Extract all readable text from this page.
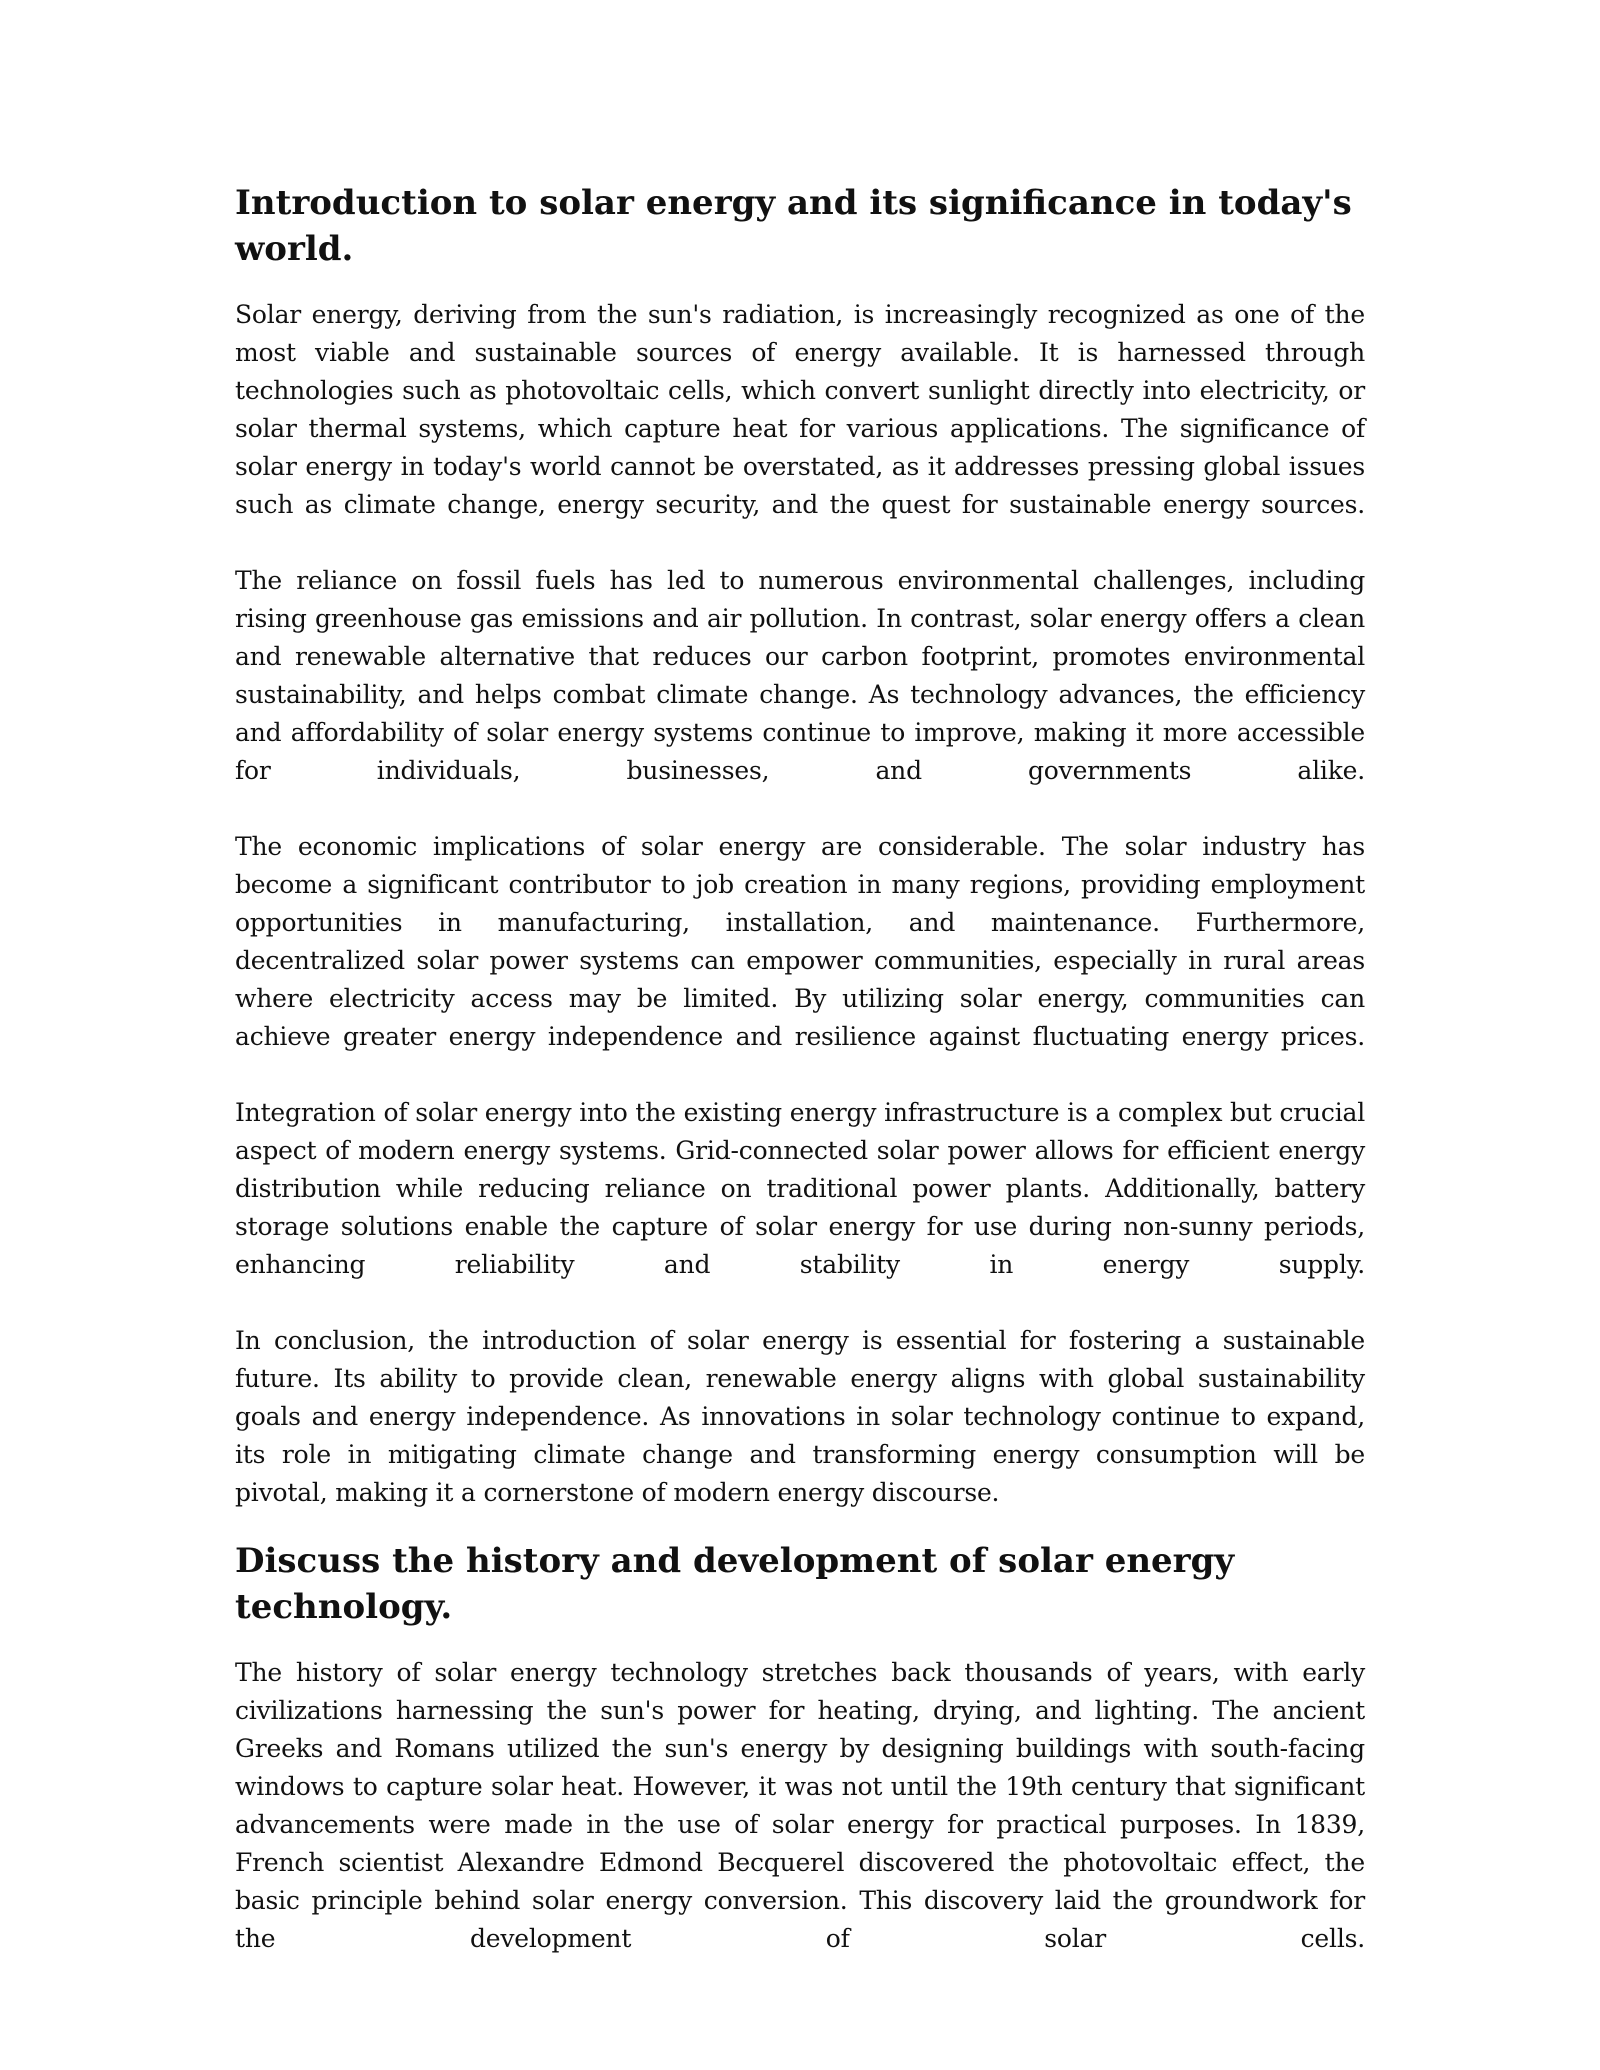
Introduction to solar energy and its significance in today's world.

Solar energy, deriving from the sun's radiation, is increasingly recognized as one of the most viable and sustainable sources of energy available. It is harnessed through technologies such as photovoltaic cells, which convert sunlight directly into electricity, or solar thermal systems, which capture heat for various applications. The significance of solar energy in today's world cannot be overstated, as it addresses pressing global issues such as climate change, energy security, and the quest for sustainable energy sources.

The reliance on fossil fuels has led to numerous environmental challenges, including rising greenhouse gas emissions and air pollution. In contrast, solar energy offers a clean and renewable alternative that reduces our carbon footprint, promotes environmental sustainability, and helps combat climate change. As technology advances, the efficiency and affordability of solar energy systems continue to improve, making it more accessible for individuals, businesses, and governments alike.

The economic implications of solar energy are considerable. The solar industry has become a significant contributor to job creation in many regions, providing employment opportunities in manufacturing, installation, and maintenance. Furthermore, decentralized solar power systems can empower communities, especially in rural areas where electricity access may be limited. By utilizing solar energy, communities can achieve greater energy independence and resilience against fluctuating energy prices.

Integration of solar energy into the existing energy infrastructure is a complex but crucial aspect of modern energy systems. Grid-connected solar power allows for efficient energy distribution while reducing reliance on traditional power plants. Additionally, battery storage solutions enable the capture of solar energy for use during non-sunny periods, enhancing reliability and stability in energy supply.

In conclusion, the introduction of solar energy is essential for fostering a sustainable future. Its ability to provide clean, renewable energy aligns with global sustainability goals and energy independence. As innovations in solar technology continue to expand, its role in mitigating climate change and transforming energy consumption will be pivotal, making it a cornerstone of modern energy discourse.

Discuss the history and development of solar energy technology.

The history of solar energy technology stretches back thousands of years, with early civilizations harnessing the sun's power for heating, drying, and lighting. The ancient Greeks and Romans utilized the sun's energy by designing buildings with south-facing windows to capture solar heat. However, it was not until the 19th century that significant advancements were made in the use of solar energy for practical purposes. In 1839, French scientist Alexandre Edmond Becquerel discovered the photovoltaic effect, the basic principle behind solar energy conversion. This discovery laid the groundwork for the development of solar cells.
